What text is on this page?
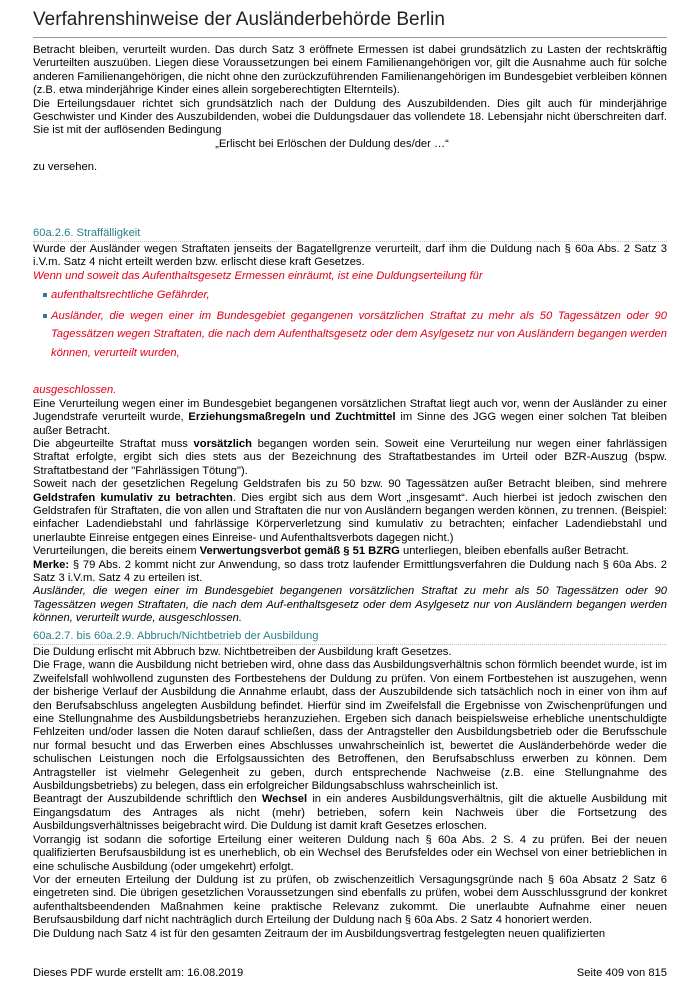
Verfahrenshinweise der Ausländerbehörde Berlin

Betracht bleiben, verurteilt wurden. Das durch Satz 3 eröffnete Ermessen ist dabei grundsätzlich zu Lasten der rechtskräftig Verurteilten auszuüben. Liegen diese Voraussetzungen bei einem Familienangehörigen vor, gilt die Ausnahme auch für solche anderen Familienangehörigen, die nicht ohne den zurückzuführenden Familienangehörigen im Bundesgebiet verbleiben können (z.B. etwa minderjährige Kinder eines allein sorgeberechtigten Elternteils).

Die Erteilungsdauer richtet sich grundsätzlich nach der Duldung des Auszubildenden. Dies gilt auch für minderjährige Geschwister und Kinder des Auszubildenden, wobei die Duldungsdauer das vollendete 18. Lebensjahr nicht überschreiten darf. Sie ist mit der auflösenden Bedingung

„Erlischt bei Erlöschen der Duldung des/der …“

zu versehen.

60a.2.6. Straffälligkeit

Wurde der Ausländer wegen Straftaten jenseits der Bagatellgrenze verurteilt, darf ihm die Duldung nach § 60a Abs. 2 Satz 3 i.V.m. Satz 4 nicht erteilt werden bzw. erlischt diese kraft Gesetzes.

Wenn und soweit das Aufenthaltsgesetz Ermessen einräumt, ist eine Duldungserteilung für

aufenthaltsrechtliche Gefährder,
Ausländer, die wegen einer im Bundesgebiet gegangenen vorsätzlichen Straftat zu mehr als 50 Tagessätzen oder 90 Tagessätzen wegen Straftaten, die nach dem Aufenthaltsgesetz oder dem Asylgesetz nur von Ausländern begangen werden können, verurteilt wurden,

ausgeschlossen.

Eine Verurteilung wegen einer im Bundesgebiet begangenen vorsätzlichen Straftat liegt auch vor, wenn der Ausländer zu einer Jugendstrafe verurteilt wurde, Erziehungsmaßregeln und Zuchtmittel im Sinne des JGG wegen einer solchen Tat bleiben außer Betracht.

Die abgeurteilte Straftat muss vorsätzlich begangen worden sein. Soweit eine Verurteilung nur wegen einer fahrlässigen Straftat erfolgte, ergibt sich dies stets aus der Bezeichnung des Straftatbestandes im Urteil oder BZR-Auszug (bspw. Straftatbestand der "Fahrlässigen Tötung").

Soweit nach der gesetzlichen Regelung Geldstrafen bis zu 50 bzw. 90 Tagessätzen außer Betracht bleiben, sind mehrere Geldstrafen kumulativ zu betrachten. Dies ergibt sich aus dem Wort „insgesamt“. Auch hierbei ist jedoch zwischen den Geldstrafen für Straftaten, die von allen und Straftaten die nur von Ausländern begangen werden können, zu trennen. (Beispiel: einfacher Ladendiebstahl und fahrlässige Körperverletzung sind kumulativ zu betrachten; einfacher Ladendiebstahl und unerlaubte Einreise entgegen eines Einreise- und Aufenthaltsverbots dagegen nicht.)

Verurteilungen, die bereits einem Verwertungsverbot gemäß § 51 BZRG unterliegen, bleiben ebenfalls außer Betracht.

Merke: § 79 Abs. 2 kommt nicht zur Anwendung, so dass trotz laufender Ermittlungsverfahren die Duldung nach § 60a Abs. 2 Satz 3 i.V.m. Satz 4 zu erteilen ist.

Ausländer, die wegen einer im Bundesgebiet begangenen vorsätzlichen Straftat zu mehr als 50 Tagessätzen oder 90 Tagessätzen wegen Straftaten, die nach dem Auf-enthaltsgesetz oder dem Asylgesetz nur von Ausländern begangen werden können, verurteilt wurde, ausgeschlossen.

60a.2.7. bis 60a.2.9. Abbruch/Nichtbetrieb der Ausbildung

Die Duldung erlischt mit Abbruch bzw. Nichtbetreiben der Ausbildung kraft Gesetzes.

Die Frage, wann die Ausbildung nicht betrieben wird, ohne dass das Ausbildungsverhältnis schon förmlich beendet wurde, ist im Zweifelsfall wohlwollend zugunsten des Fortbestehens der Duldung zu prüfen. Von einem Fortbestehen ist auszugehen, wenn der bisherige Verlauf der Ausbildung die Annahme erlaubt, dass der Auszubildende sich tatsächlich noch in einer von ihm auf den Berufsabschluss angelegten Ausbildung befindet. Hierfür sind im Zweifelsfall die Ergebnisse von Zwischenprüfungen und eine Stellungnahme des Ausbildungsbetriebs heranzuziehen. Ergeben sich danach beispielsweise erhebliche unentschuldigte Fehlzeiten und/oder lassen die Noten darauf schließen, dass der Antragsteller den Ausbildungsbetrieb oder die Berufsschule nur formal besucht und das Erwerben eines Abschlusses unwahrscheinlich ist, bewertet die Ausländerbehörde weder die schulischen Leistungen noch die Erfolgsaussichten des Betroffenen, den Berufsabschluss erwerben zu können. Dem Antragsteller ist vielmehr Gelegenheit zu geben, durch entsprechende Nachweise (z.B. eine Stellungnahme des Ausbildungsbetriebs) zu belegen, dass ein erfolgreicher Bildungsabschluss wahrscheinlich ist.

Beantragt der Auszubildende schriftlich den Wechsel in ein anderes Ausbildungsverhältnis, gilt die aktuelle Ausbildung mit Eingangsdatum des Antrages als nicht (mehr) betrieben, sofern kein Nachweis über die Fortsetzung des Ausbildungsverhältnisses beigebracht wird. Die Duldung ist damit kraft Gesetzes erloschen.

Vorrangig ist sodann die sofortige Erteilung einer weiteren Duldung nach § 60a Abs. 2 S. 4 zu prüfen. Bei der neuen qualifizierten Berufsausbildung ist es unerheblich, ob ein Wechsel des Berufsfeldes oder ein Wechsel von einer betrieblichen in eine schulische Ausbildung (oder umgekehrt) erfolgt.

Vor der erneuten Erteilung der Duldung ist zu prüfen, ob zwischenzeitlich Versagungsgründe nach § 60a Absatz 2 Satz 6 eingetreten sind. Die übrigen gesetzlichen Voraussetzungen sind ebenfalls zu prüfen, wobei dem Ausschlussgrund der konkret aufenthaltsbeendenden Maßnahmen keine praktische Relevanz zukommt. Die unerlaubte Aufnahme einer neuen Berufsausbildung darf nicht nachträglich durch Erteilung der Duldung nach § 60a Abs. 2 Satz 4 honoriert werden.

Die Duldung nach Satz 4 ist für den gesamten Zeitraum der im Ausbildungsvertrag festgelegten neuen qualifizierten

Dieses PDF wurde erstellt am: 16.08.2019	Seite 409 von 815
